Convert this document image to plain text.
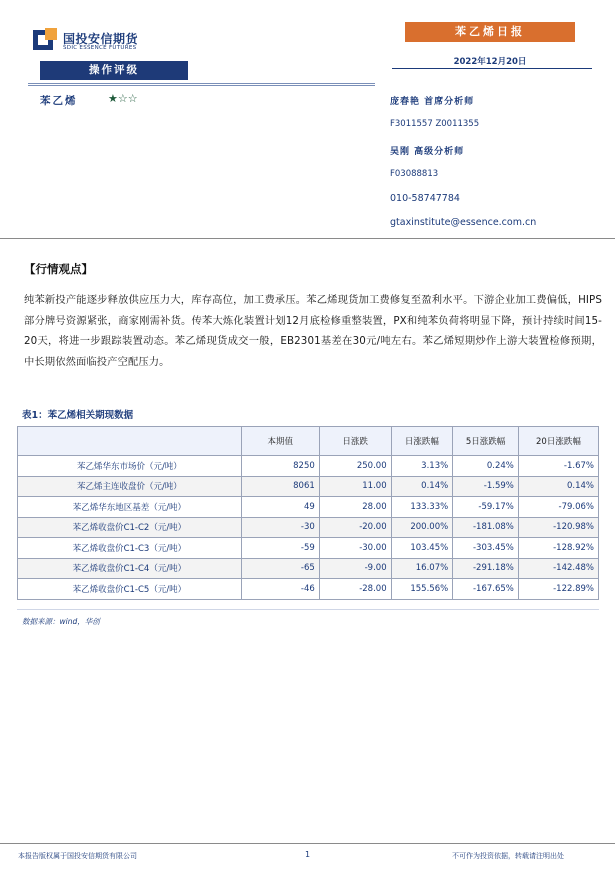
国投安信期货
SDIC ESSENCE FUTURES
苯乙烯日报
2022年12月20日
操作评级
苯乙烯	★☆☆	庞春艳 首席分析师
F3011557 Z0011355
吴刚 高级分析师
F03088813
010-58747784
gtaxinstitute@essence.com.cn
【行情观点】
纯苯新投产能逐步释放供应压力大，库存高位，加工费承压。苯乙烯现货加工费修复至盈利水平。下游企业加工费偏低，HIPS部分牌号资源紧张，商家刚需补货。传苯大炼化装置计划12月底检修重整装置，PX和纯苯负荷将明显下降，预计持续时间15-20天，将进一步跟踪装置动态。苯乙烯现货成交一般，EB2301基差在30元/吨左右。苯乙烯短期炒作上游大装置检修预期，中长期依然面临投产空配压力。
表1：苯乙烯相关期现数据
	本期值	日涨跌	日涨跌幅	5日涨跌幅	20日涨跌幅
苯乙烯华东市场价（元/吨）	8250	250.00	3.13%	0.24%	-1.67%
苯乙烯主连收盘价（元/吨）	8061	11.00	0.14%	-1.59%	0.14%
苯乙烯华东地区基差（元/吨）	49	28.00	133.33%	-59.17%	-79.06%
苯乙烯收盘价C1-C2（元/吨）	-30	-20.00	200.00%	-181.08%	-120.98%
苯乙烯收盘价C1-C3（元/吨）	-59	-30.00	103.45%	-303.45%	-128.92%
苯乙烯收盘价C1-C4（元/吨）	-65	-9.00	16.07%	-291.18%	-142.48%
苯乙烯收盘价C1-C5（元/吨）	-46	-28.00	155.56%	-167.65%	-122.89%
数据来源：wind，华创
本报告版权属于国投安信期货有限公司	1	不可作为投资依据，转载请注明出处
